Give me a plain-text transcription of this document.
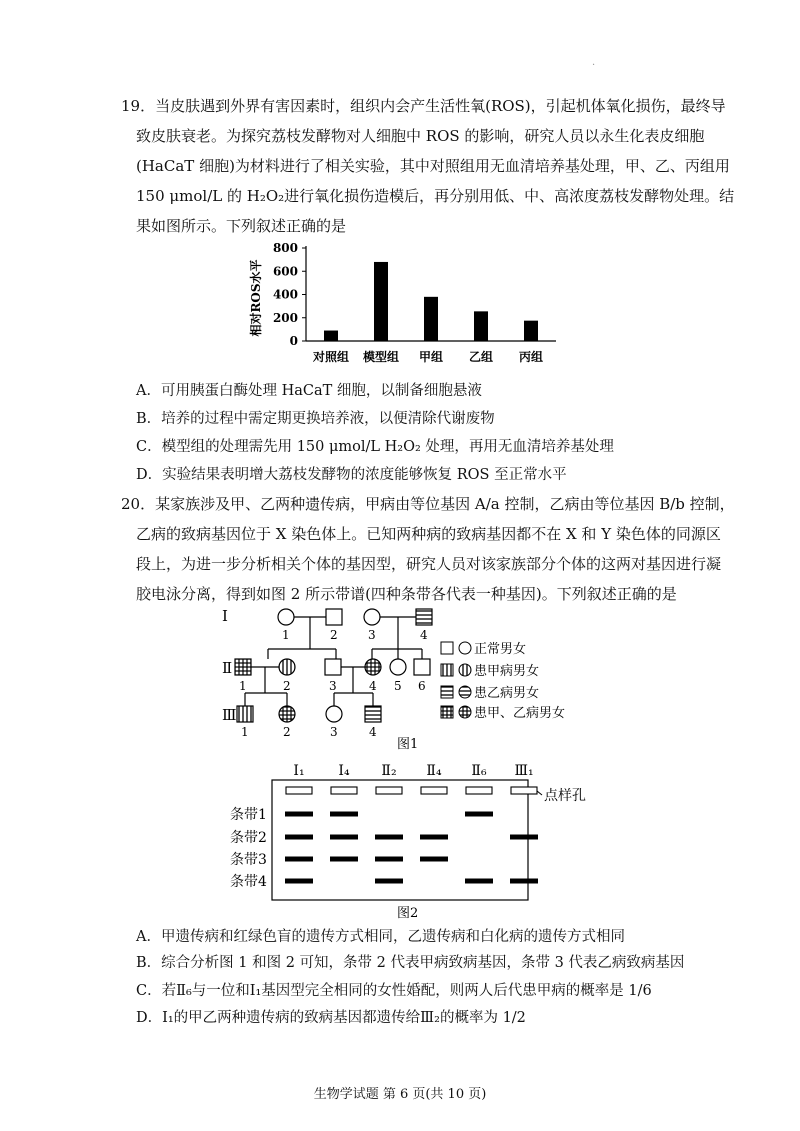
·
19．当皮肤遇到外界有害因素时，组织内会产生活性氧(ROS)，引起机体氧化损伤，最终导
致皮肤衰老。为探究荔枝发酵物对人细胞中 ROS 的影响，研究人员以永生化表皮细胞
(HaCaT 细胞)为材料进行了相关实验，其中对照组用无血清培养基处理，甲、乙、丙组用
150 μmol/L 的 H₂O₂进行氧化损伤造模后，再分别用低、中、高浓度荔枝发酵物处理。结
果如图所示。下列叙述正确的是
相对ROS水平
0
200
400
600
800
对照组 模型组 甲组 乙组 丙组
A．可用胰蛋白酶处理 HaCaT 细胞，以制备细胞悬液
B．培养的过程中需定期更换培养液，以便清除代谢废物
C．模型组的处理需先用 150 μmol/L H₂O₂ 处理，再用无血清培养基处理
D．实验结果表明增大荔枝发酵物的浓度能够恢复 ROS 至正常水平
20．某家族涉及甲、乙两种遗传病，甲病由等位基因 A/a 控制，乙病由等位基因 B/b 控制，
乙病的致病基因位于 X 染色体上。已知两种病的致病基因都不在 X 和 Y 染色体的同源区
段上，为进一步分析相关个体的基因型，研究人员对该家族部分个体的这两对基因进行凝
胶电泳分离，得到如图 2 所示带谱(四种条带各代表一种基因)。下列叙述正确的是
Ⅰ
Ⅱ
Ⅲ
1	2	3	4
1	2	3	4 5 6
1	2	3	4
正常男女
患甲病男女
患乙病男女
患甲、乙病男女
图1
图2
Ⅰ₁ Ⅰ₄ Ⅱ₂ Ⅱ₄ Ⅱ₆ Ⅲ₁
点样孔
条带1
条带2
条带3
条带4
A．甲遗传病和红绿色盲的遗传方式相同，乙遗传病和白化病的遗传方式相同
B．综合分析图 1 和图 2 可知，条带 2 代表甲病致病基因，条带 3 代表乙病致病基因
C．若Ⅱ₆与一位和Ⅰ₁基因型完全相同的女性婚配，则两人后代患甲病的概率是 1/6
D．Ⅰ₁的甲乙两种遗传病的致病基因都遗传给Ⅲ₂的概率为 1/2
生物学试题 第 6 页(共 10 页)
